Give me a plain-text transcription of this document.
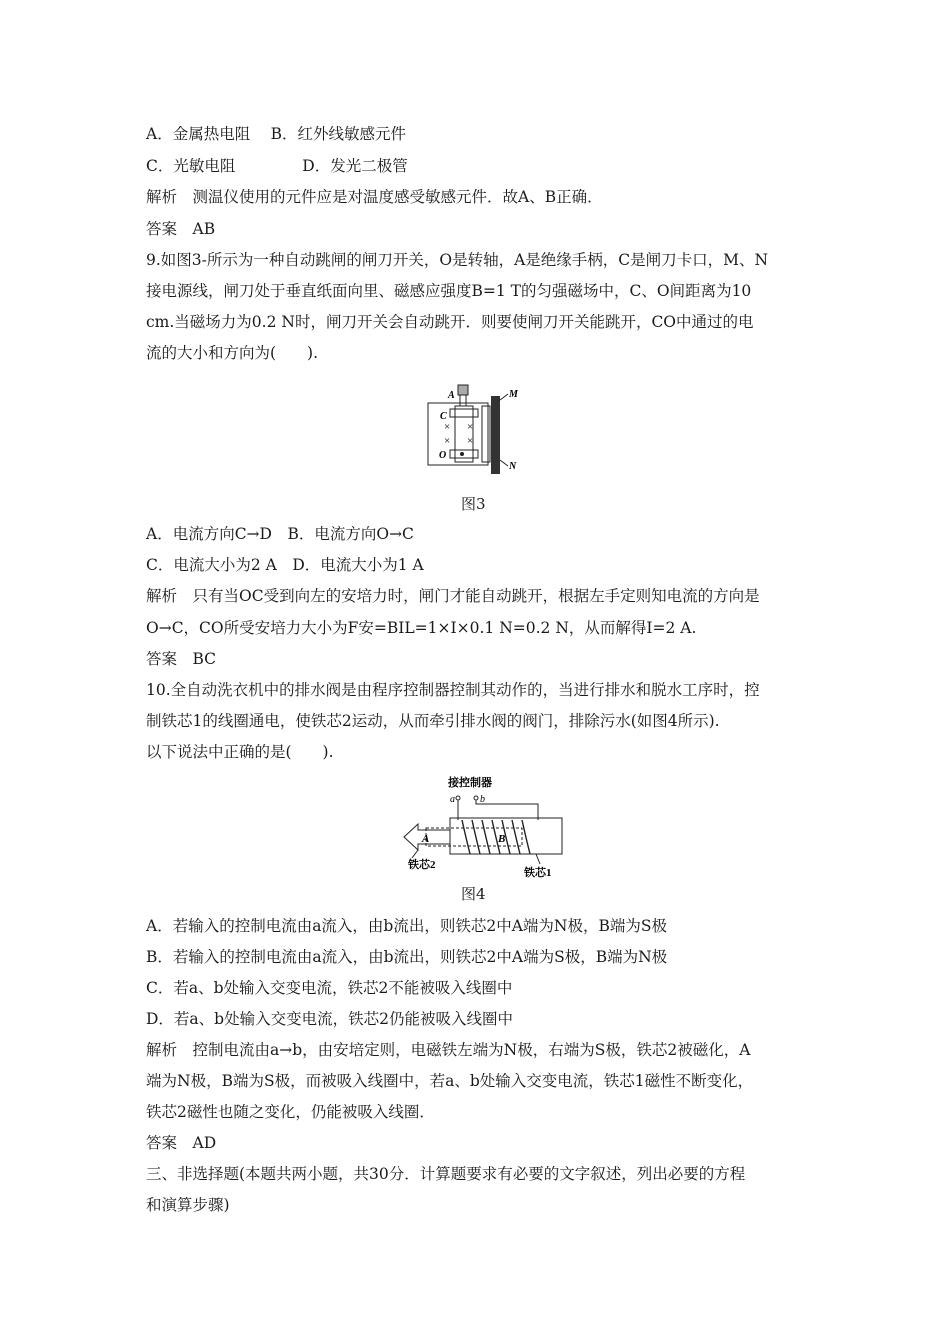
A．金属热电阻　 B．红外线敏感元件
C．光敏电阻　　　　 D．发光二极管
解析　测温仪使用的元件应是对温度感受敏感元件．故A、B正确．
答案　AB
9.如图3-所示为一种自动跳闸的闸刀开关，O是转轴，A是绝缘手柄，C是闸刀卡口，M、N
接电源线，闸刀处于垂直纸面向里、磁感应强度B=1 T的匀强磁场中，C、O间距离为10
cm.当磁场力为0.2 N时，闸刀开关会自动跳开．则要使闸刀开关能跳开，CO中通过的电
流的大小和方向为(　　).
A
C
O
M
N
×
×
×
×
图3
A．电流方向C→D　B．电流方向O→C
C．电流大小为2 A　D．电流大小为1 A
解析　只有当OC受到向左的安培力时，闸门才能自动跳开，根据左手定则知电流的方向是
O→C，CO所受安培力大小为F安=BIL=1×I×0.1 N=0.2 N，从而解得I=2 A.
答案　BC
10.全自动洗衣机中的排水阀是由程序控制器控制其动作的，当进行排水和脱水工序时，控
制铁芯1的线圈通电，使铁芯2运动，从而牵引排水阀的阀门，排除污水(如图4所示).
以下说法中正确的是(　　).
接控制器
a	b
A	B
铁芯2
铁芯1
图4
A．若输入的控制电流由a流入，由b流出，则铁芯2中A端为N极，B端为S极
B．若输入的控制电流由a流入，由b流出，则铁芯2中A端为S极，B端为N极
C．若a、b处输入交变电流，铁芯2不能被吸入线圈中
D．若a、b处输入交变电流，铁芯2仍能被吸入线圈中
解析　控制电流由a→b，由安培定则，电磁铁左端为N极，右端为S极，铁芯2被磁化，A
端为N极，B端为S极，而被吸入线圈中，若a、b处输入交变电流，铁芯1磁性不断变化，
铁芯2磁性也随之变化，仍能被吸入线圈．
答案　AD
三、非选择题(本题共两小题，共30分．计算题要求有必要的文字叙述，列出必要的方程
和演算步骤)
